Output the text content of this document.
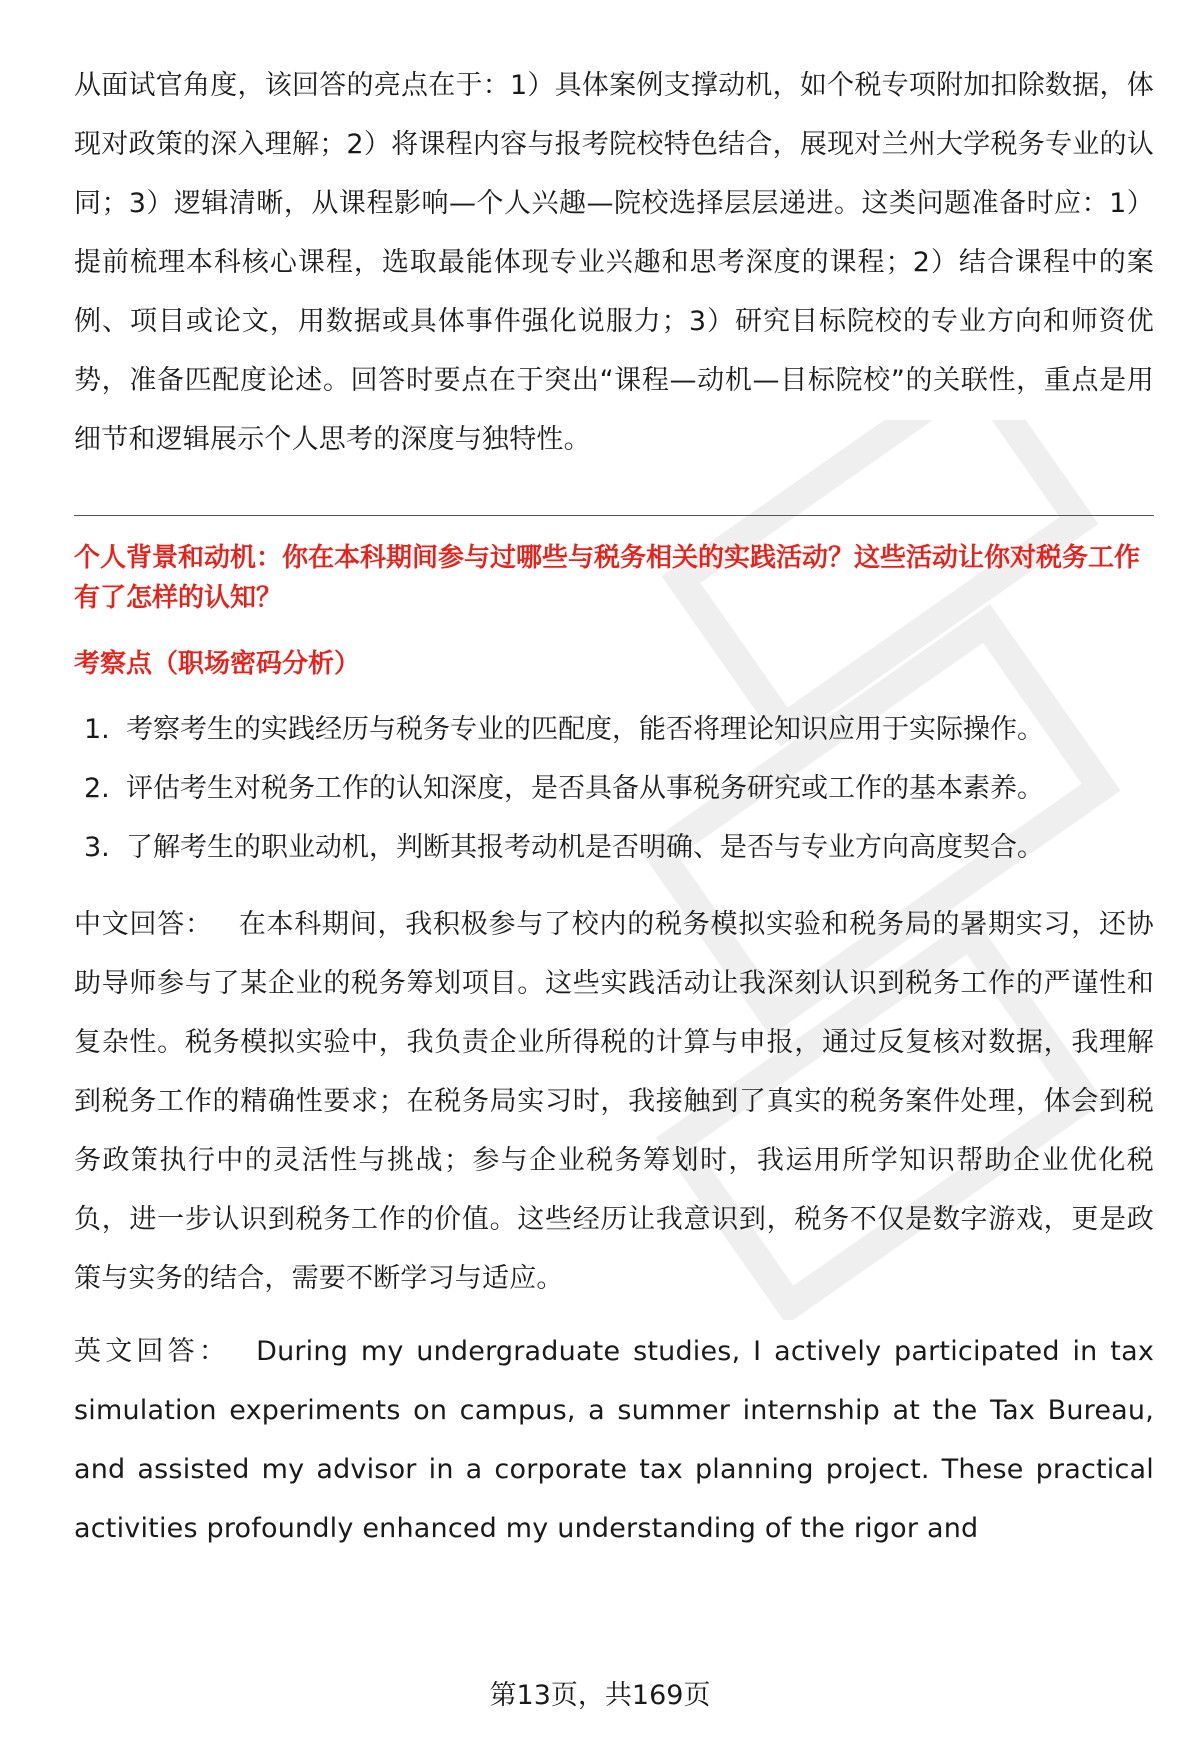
从面试官角度，该回答的亮点在于：1）具体案例支撑动机，如个税专项附加扣除数据，体现对政策的深入理解；2）将课程内容与报考院校特色结合，展现对兰州大学税务专业的认同；3）逻辑清晰，从课程影响—个人兴趣—院校选择层层递进。这类问题准备时应：1）提前梳理本科核心课程，选取最能体现专业兴趣和思考深度的课程；2）结合课程中的案例、项目或论文，用数据或具体事件强化说服力；3）研究目标院校的专业方向和师资优势，准备匹配度论述。回答时要点在于突出“课程—动机—目标院校”的关联性，重点是用细节和逻辑展示个人思考的深度与独特性。

个人背景和动机：你在本科期间参与过哪些与税务相关的实践活动？这些活动让你对税务工作有了怎样的认知？

考察点（职场密码分析）

1. 考察考生的实践经历与税务专业的匹配度，能否将理论知识应用于实际操作。
2. 评估考生对税务工作的认知深度，是否具备从事税务研究或工作的基本素养。
3. 了解考生的职业动机，判断其报考动机是否明确、是否与专业方向高度契合。

中文回答： 在本科期间，我积极参与了校内的税务模拟实验和税务局的暑期实习，还协助导师参与了某企业的税务筹划项目。这些实践活动让我深刻认识到税务工作的严谨性和复杂性。税务模拟实验中，我负责企业所得税的计算与申报，通过反复核对数据，我理解到税务工作的精确性要求；在税务局实习时，我接触到了真实的税务案件处理，体会到税务政策执行中的灵活性与挑战；参与企业税务筹划时，我运用所学知识帮助企业优化税负，进一步认识到税务工作的价值。这些经历让我意识到，税务不仅是数字游戏，更是政策与实务的结合，需要不断学习与适应。

英文回答： During my undergraduate studies, I actively participated in tax simulation experiments on campus, a summer internship at the Tax Bureau, and assisted my advisor in a corporate tax planning project. These practical activities profoundly enhanced my understanding of the rigor and

第13页，共169页
